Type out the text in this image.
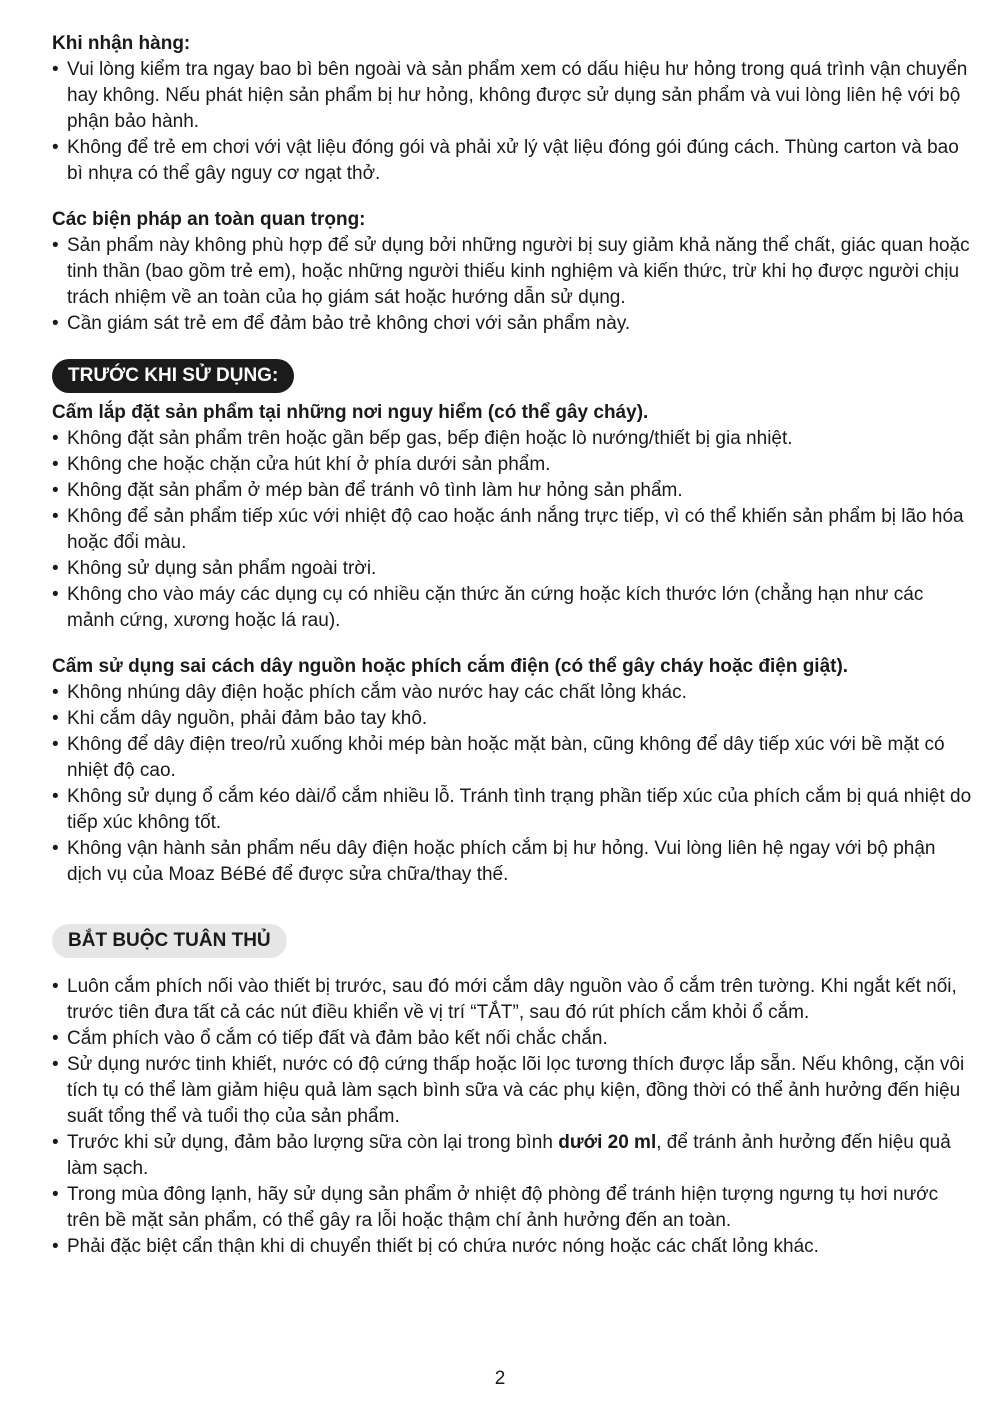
Khi nhận hàng:

• Vui lòng kiểm tra ngay bao bì bên ngoài và sản phẩm xem có dấu hiệu hư hỏng trong quá trình vận chuyển hay không. Nếu phát hiện sản phẩm bị hư hỏng, không được sử dụng sản phẩm và vui lòng liên hệ với bộ phận bảo hành.
• Không để trẻ em chơi với vật liệu đóng gói và phải xử lý vật liệu đóng gói đúng cách. Thùng carton và bao bì nhựa có thể gây nguy cơ ngạt thở.

Các biện pháp an toàn quan trọng:

• Sản phẩm này không phù hợp để sử dụng bởi những người bị suy giảm khả năng thể chất, giác quan hoặc tinh thần (bao gồm trẻ em), hoặc những người thiếu kinh nghiệm và kiến thức, trừ khi họ được người chịu trách nhiệm về an toàn của họ giám sát hoặc hướng dẫn sử dụng.
• Cần giám sát trẻ em để đảm bảo trẻ không chơi với sản phẩm này.
TRƯỚC KHI SỬ DỤNG:

Cấm lắp đặt sản phẩm tại những nơi nguy hiểm (có thể gây cháy).

• Không đặt sản phẩm trên hoặc gần bếp gas, bếp điện hoặc lò nướng/thiết bị gia nhiệt.
• Không che hoặc chặn cửa hút khí ở phía dưới sản phẩm.
• Không đặt sản phẩm ở mép bàn để tránh vô tình làm hư hỏng sản phẩm.
• Không để sản phẩm tiếp xúc với nhiệt độ cao hoặc ánh nắng trực tiếp, vì có thể khiến sản phẩm bị lão hóa hoặc đổi màu.
• Không sử dụng sản phẩm ngoài trời.
• Không cho vào máy các dụng cụ có nhiều cặn thức ăn cứng hoặc kích thước lớn (chẳng hạn như các mảnh cứng, xương hoặc lá rau).

Cấm sử dụng sai cách dây nguồn hoặc phích cắm điện (có thể gây cháy hoặc điện giật).

• Không nhúng dây điện hoặc phích cắm vào nước hay các chất lỏng khác.
• Khi cắm dây nguồn, phải đảm bảo tay khô.
• Không để dây điện treo/rủ xuống khỏi mép bàn hoặc mặt bàn, cũng không để dây tiếp xúc với bề mặt có nhiệt độ cao.
• Không sử dụng ổ cắm kéo dài/ổ cắm nhiều lỗ. Tránh tình trạng phần tiếp xúc của phích cắm bị quá nhiệt do tiếp xúc không tốt.
• Không vận hành sản phẩm nếu dây điện hoặc phích cắm bị hư hỏng. Vui lòng liên hệ ngay với bộ phận dịch vụ của Moaz BéBé để được sửa chữa/thay thế.
BẮT BUỘC TUÂN THỦ
• Luôn cắm phích nối vào thiết bị trước, sau đó mới cắm dây nguồn vào ổ cắm trên tường. Khi ngắt kết nối, trước tiên đưa tất cả các nút điều khiển về vị trí “TẮT”, sau đó rút phích cắm khỏi ổ cắm.
• Cắm phích vào ổ cắm có tiếp đất và đảm bảo kết nối chắc chắn.
• Sử dụng nước tinh khiết, nước có độ cứng thấp hoặc lõi lọc tương thích được lắp sẵn. Nếu không, cặn vôi tích tụ có thể làm giảm hiệu quả làm sạch bình sữa và các phụ kiện, đồng thời có thể ảnh hưởng đến hiệu suất tổng thể và tuổi thọ của sản phẩm.
• Trước khi sử dụng, đảm bảo lượng sữa còn lại trong bình dưới 20 ml, để tránh ảnh hưởng đến hiệu quả làm sạch.
• Trong mùa đông lạnh, hãy sử dụng sản phẩm ở nhiệt độ phòng để tránh hiện tượng ngưng tụ hơi nước trên bề mặt sản phẩm, có thể gây ra lỗi hoặc thậm chí ảnh hưởng đến an toàn.
• Phải đặc biệt cẩn thận khi di chuyển thiết bị có chứa nước nóng hoặc các chất lỏng khác.
2
